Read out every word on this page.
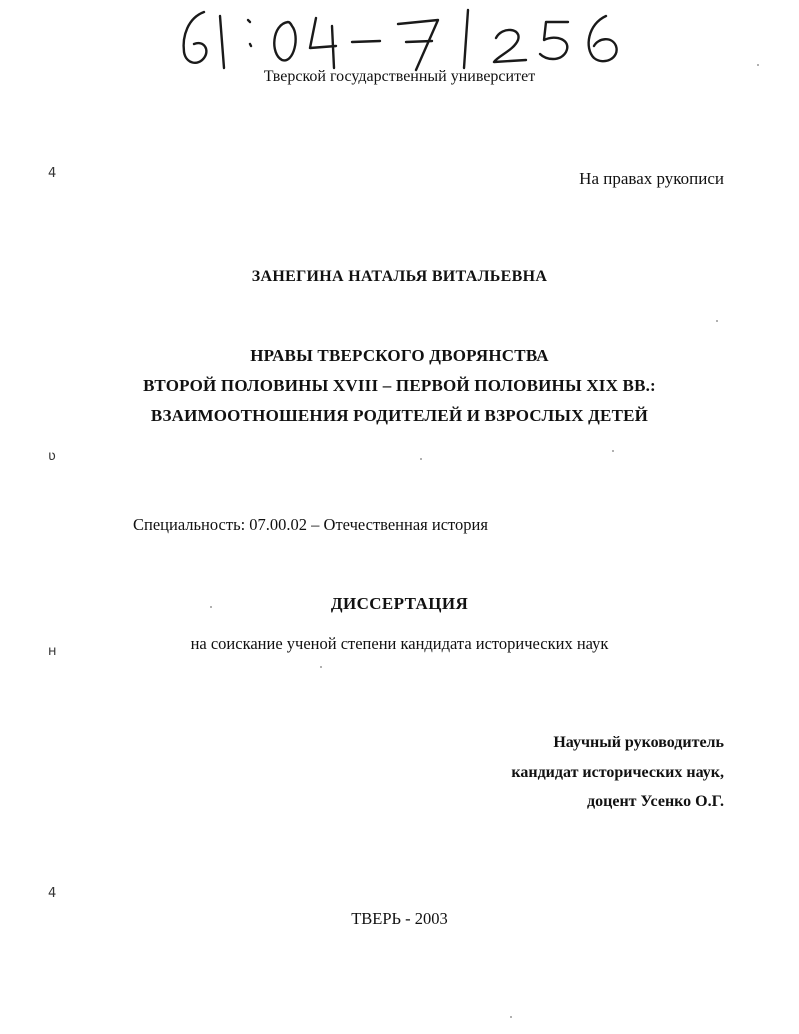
Тверской государственный университет
На правах рукописи
ЗАНЕГИНА НАТАЛЬЯ ВИТАЛЬЕВНА
НРАВЫ ТВЕРСКОГО ДВОРЯНСТВА
ВТОРОЙ ПОЛОВИНЫ XVIII – ПЕРВОЙ ПОЛОВИНЫ XIX ВВ.:
ВЗАИМООТНОШЕНИЯ РОДИТЕЛЕЙ И ВЗРОСЛЫХ ДЕТЕЙ
Специальность: 07.00.02 – Отечественная история
ДИССЕРТАЦИЯ
на соискание ученой степени кандидата исторических наук
Научный руководитель
кандидат исторических наук,
доцент Усенко О.Г.
ТВЕРЬ - 2003
4
ʋ
ʜ
4
